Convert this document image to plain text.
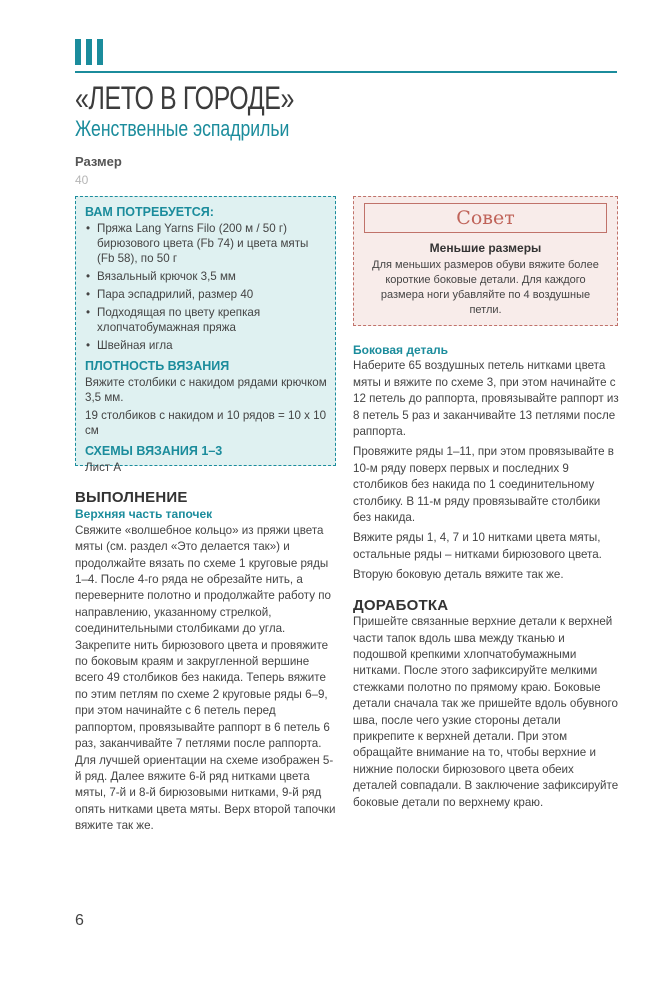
«ЛЕТО В ГОРОДЕ»
Женственные эспадрильи
Размер
40
ВАМ ПОТРЕБУЕТСЯ:
• Пряжа Lang Yarns Filo (200 м / 50 г) бирюзового цвета (Fb 74) и цвета мяты (Fb 58), по 50 г
• Вязальный крючок 3,5 мм
• Пара эспадрилий, размер 40
• Подходящая по цвету крепкая хлопчатобумажная пряжа
• Швейная игла
ПЛОТНОСТЬ ВЯЗАНИЯ

Вяжите столбики с накидом рядами крючком 3,5 мм.

19 столбиков с накидом и 10 рядов = 10 х 10 см

СХЕМЫ ВЯЗАНИЯ 1–3

Лист А

Совет
Меньшие размеры
Для меньших размеров обуви вяжите более короткие боковые детали. Для каждого размера ноги убавляйте по 4 воздушные петли.
ВЫПОЛНЕНИЕ
Верхняя часть тапочек

Свяжите «волшебное кольцо» из пряжи цвета мяты (см. раздел «Это делается так») и продолжайте вязать по схеме 1 круговые ряды 1–4. После 4-го ряда не обрезайте нить, а переверните полотно и продолжайте работу по направлению, указанному стрелкой, соединительными столбиками до угла. Закрепите нить бирюзового цвета и провяжите по боковым краям и закругленной вершине всего 49 столбиков без накида. Теперь вяжите по этим петлям по схеме 2 круговые ряды 6–9, при этом начинайте с 6 петель перед раппортом, провязывайте раппорт в 6 петель 6 раз, заканчивайте 7 петлями после раппорта. Для лучшей ориентации на схеме изображен 5-й ряд. Далее вяжите 6-й ряд нитками цвета мяты, 7-й и 8-й бирюзовыми нитками, 9-й ряд опять нитками цвета мяты. Верх второй тапочки вяжите так же.

Боковая деталь

Наберите 65 воздушных петель нитками цвета мяты и вяжите по схеме 3, при этом начинайте с 12 петель до раппорта, провязывайте раппорт из 8 петель 5 раз и заканчивайте 13 петлями после раппорта.

Провяжите ряды 1–11, при этом провязывайте в 10-м ряду поверх первых и последних 9 столбиков без накида по 1 соединительному столбику. В 11-м ряду провязывайте столбики без накида.

Вяжите ряды 1, 4, 7 и 10 нитками цвета мяты, остальные ряды – нитками бирюзового цвета.

Вторую боковую деталь вяжите так же.

ДОРАБОТКА

Пришейте связанные верхние детали к верхней части тапок вдоль шва между тканью и подошвой крепкими хлопчатобумажными нитками. После этого зафиксируйте мелкими стежками полотно по прямому краю. Боковые детали сначала так же пришейте вдоль обувного шва, после чего узкие стороны детали прикрепите к верхней детали. При этом обращайте внимание на то, чтобы верхние и нижние полоски бирюзового цвета обеих деталей совпадали. В заключение зафиксируйте боковые детали по верхнему краю.

6
